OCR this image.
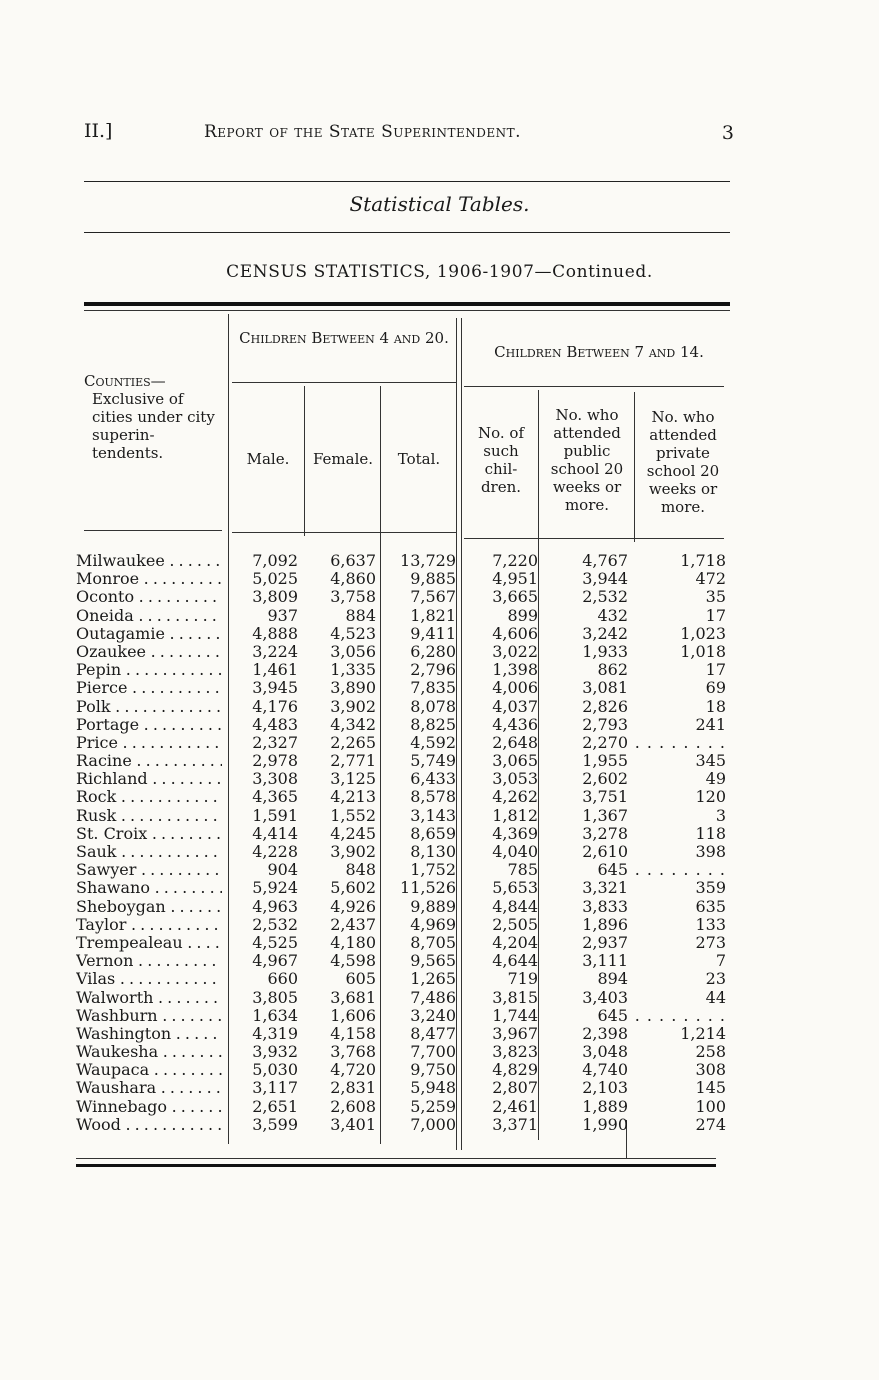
II.]	Report of the State Superintendent.	3
Statistical Tables.
CENSUS STATISTICS, 1906-1907—Continued.
Counties—
Exclusive of cities under city superin-tendents.
Children Between 4 and 20.
Children Between 7 and 14.
Male.	Female.	Total.
No. of such chil-dren.
No. who attended public school 20 weeks or more.
No. who attended private school 20 weeks or more.
Milwaukee . . .	7,092	6,637	13,729	7,220	4,767	1,718
Monroe . . .	5,025	4,860	9,885	4,951	3,944	472
Oconto . . .	3,809	3,758	7,567	3,665	2,532	35
Oneida . . .	937	884	1,821	899	432	17
Outagamie . . .	4,888	4,523	9,411	4,606	3,242	1,023
Ozaukee . . .	3,224	3,056	6,280	3,022	1,933	1,018
Pepin . . .	1,461	1,335	2,796	1,398	862	17
Pierce . . .	3,945	3,890	7,835	4,006	3,081	69
Polk . . .	4,176	3,902	8,078	4,037	2,826	18
Portage . . .	4,483	4,342	8,825	4,436	2,793	241
Price . . .	2,327	2,265	4,592	2,648	2,270 . . . . . . . .
Racine . . .	2,978	2,771	5,749	3,065	1,955	345
Richland . . .	3,308	3,125	6,433	3,053	2,602	49
Rock . . .	4,365	4,213	8,578	4,262	3,751	120
Rusk . . .	1,591	1,552	3,143	1,812	1,367	3
St. Croix . . .	4,414	4,245	8,659	4,369	3,278	118
Sauk . . .	4,228	3,902	8,130	4,040	2,610	398
Sawyer . . .	904	848	1,752	785	645 . . . . . . . .
Shawano . . .	5,924	5,602	11,526	5,653	3,321	359
Sheboygan . . .	4,963	4,926	9,889	4,844	3,833	635
Taylor . . .	2,532	2,437	4,969	2,505	1,896	133
Trempealeau . . .	4,525	4,180	8,705	4,204	2,937	273
Vernon . . .	4,967	4,598	9,565	4,644	3,111	7
Vilas . . .	660	605	1,265	719	894	23
Walworth . . .	3,805	3,681	7,486	3,815	3,403	44
Washburn . . .	1,634	1,606	3,240	1,744	645 . . . . . . . .
Washington . . .	4,319	4,158	8,477	3,967	2,398	1,214
Waukesha . . .	3,932	3,768	7,700	3,823	3,048	258
Waupaca . . .	5,030	4,720	9,750	4,829	4,740	308
Waushara . . .	3,117	2,831	5,948	2,807	2,103	145
Winnebago . . .	2,651	2,608	5,259	2,461	1,889	100
Wood . . .	3,599	3,401	7,000	3,371	1,990	274
